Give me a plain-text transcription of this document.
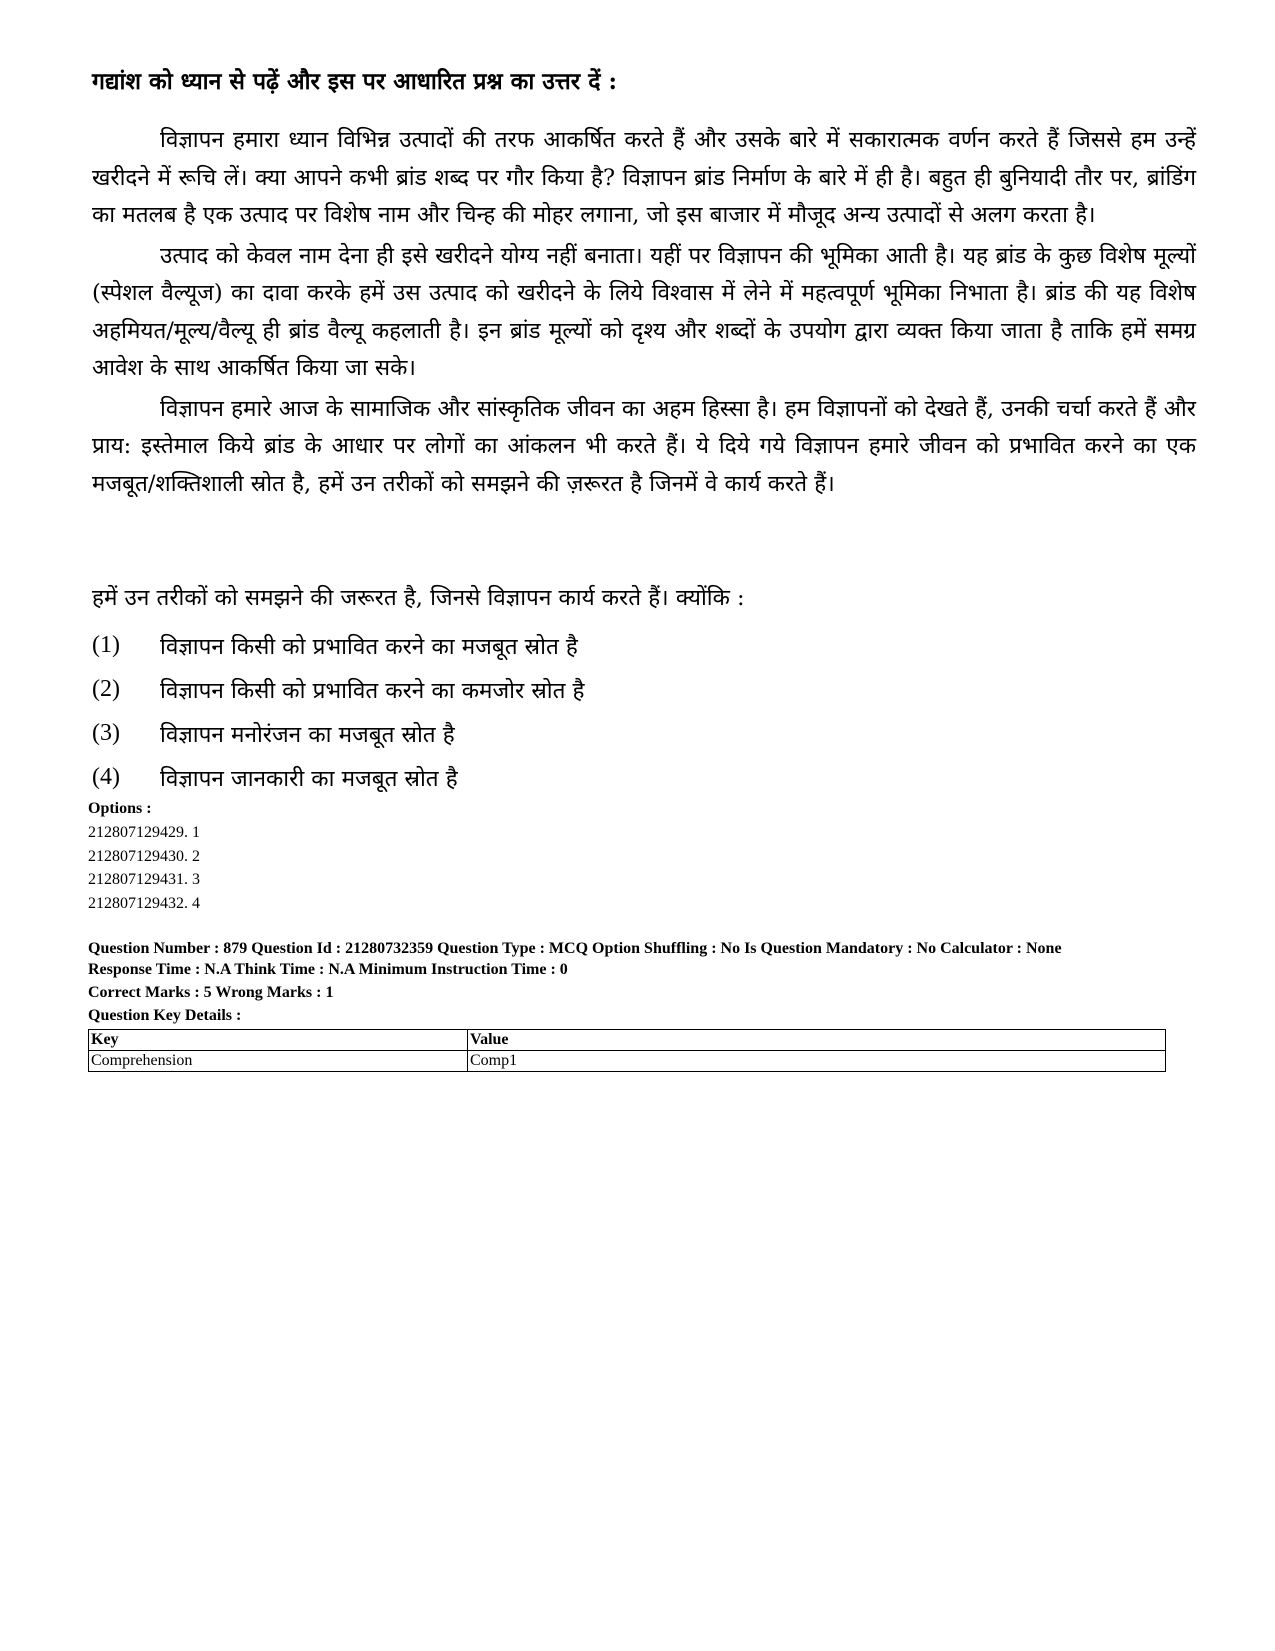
गद्यांश को ध्यान से पढ़ें और इस पर आधारित प्रश्न का उत्तर दें :

विज्ञापन हमारा ध्यान विभिन्न उत्पादों की तरफ आकर्षित करते हैं और उसके बारे में सकारात्मक वर्णन करते हैं जिससे हम उन्हें खरीदने में रूचि लें। क्या आपने कभी ब्रांड शब्द पर गौर किया है? विज्ञापन ब्रांड निर्माण के बारे में ही है। बहुत ही बुनियादी तौर पर, ब्रांडिंग का मतलब है एक उत्पाद पर विशेष नाम और चिन्ह की मोहर लगाना, जो इस बाजार में मौजूद अन्य उत्पादों से अलग करता है।

उत्पाद को केवल नाम देना ही इसे खरीदने योग्य नहीं बनाता। यहीं पर विज्ञापन की भूमिका आती है। यह ब्रांड के कुछ विशेष मूल्यों (स्पेशल वैल्यूज) का दावा करके हमें उस उत्पाद को खरीदने के लिये विश्वास में लेने में महत्वपूर्ण भूमिका निभाता है। ब्रांड की यह विशेष अहमियत/मूल्य/वैल्यू ही ब्रांड वैल्यू कहलाती है। इन ब्रांड मूल्यों को दृश्य और शब्दों के उपयोग द्वारा व्यक्त किया जाता है ताकि हमें समग्र आवेश के साथ आकर्षित किया जा सके।

विज्ञापन हमारे आज के सामाजिक और सांस्कृतिक जीवन का अहम हिस्सा है। हम विज्ञापनों को देखते हैं, उनकी चर्चा करते हैं और प्राय: इस्तेमाल किये ब्रांड के आधार पर लोगों का आंकलन भी करते हैं। ये दिये गये विज्ञापन हमारे जीवन को प्रभावित करने का एक मजबूत/शक्तिशाली स्रोत है, हमें उन तरीकों को समझने की ज़रूरत है जिनमें वे कार्य करते हैं।

हमें उन तरीकों को समझने की जरूरत है, जिनसे विज्ञापन कार्य करते हैं। क्योंकि :
(1)	विज्ञापन किसी को प्रभावित करने का मजबूत स्रोत है
(2)	विज्ञापन किसी को प्रभावित करने का कमजोर स्रोत है
(3)	विज्ञापन मनोरंजन का मजबूत स्रोत है
(4)	विज्ञापन जानकारी का मजबूत स्रोत है
Options :
212807129429. 1
212807129430. 2
212807129431. 3
212807129432. 4
Question Number : 879 Question Id : 21280732359 Question Type : MCQ Option Shuffling : No Is Question Mandatory : No Calculator : None
Response Time : N.A Think Time : N.A Minimum Instruction Time : 0
Correct Marks : 5 Wrong Marks : 1
Question Key Details :
Key	Value
Comprehension	Comp1
